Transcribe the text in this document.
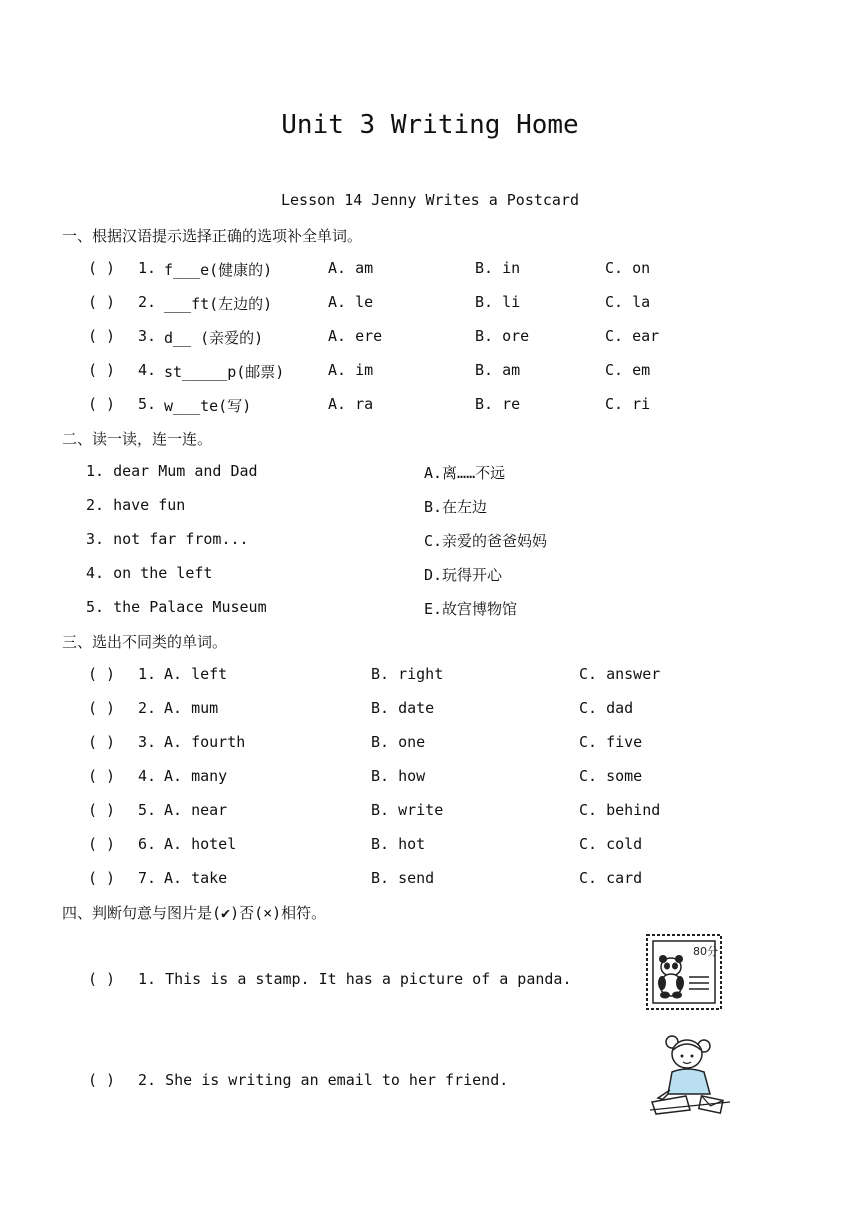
Unit 3 Writing Home
Lesson 14 Jenny Writes a Postcard
一、根据汉语提示选择正确的选项补全单词。
( ) 1. f___e(健康的)	A. am	B. in	C. on
( ) 2. ___ft(左边的)	A. le	B. li	C. la
( ) 3. d__ (亲爱的)	A. ere	B. ore	C. ear
( ) 4. st_____p(邮票)	A. im	B. am	C. em
( ) 5. w___te(写)	A. ra	B. re	C. ri
二、读一读，连一连。
1. dear Mum and Dad	A.离……不远
2. have fun	B.在左边
3. not far from...	C.亲爱的爸爸妈妈
4. on the left	D.玩得开心
5. the Palace Museum	E.故宫博物馆
三、选出不同类的单词。
( ) 1. A. left	B. right	C. answer
( ) 2. A. mum	B. date	C. dad
( ) 3. A. fourth	B. one	C. five
( ) 4. A. many	B. how	C. some
( ) 5. A. near	B. write	C. behind
( ) 6. A. hotel	B. hot	C. cold
( ) 7. A. take	B. send	C. card
四、判断句意与图片是(✔)否(×)相符。
( ) 1. This is a stamp. It has a picture of a panda.
80分
( ) 2. She is writing an email to her friend.
